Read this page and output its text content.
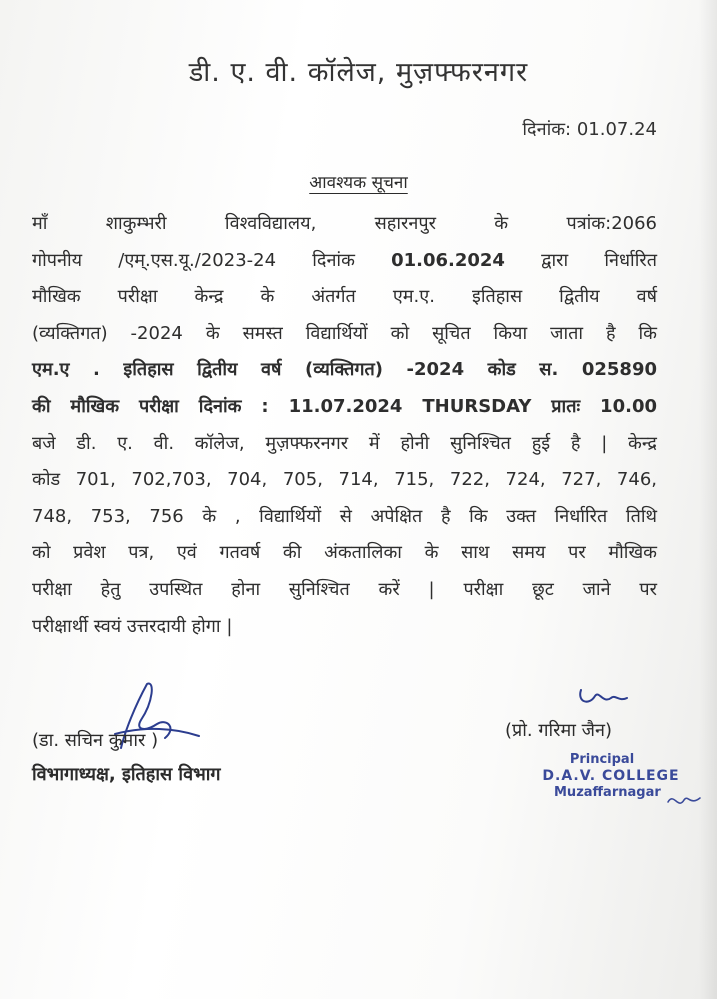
डी. ए. वी. कॉलेज, मुज़फ्फरनगर
दिनांक: 01.07.24
आवश्यक सूचना
माँ शाकुम्भरी विश्वविद्यालय, सहारनपुर के पत्रांक:2066
गोपनीय /एम्.एस.यू./2023-24 दिनांक 01.06.2024 द्वारा निर्धारित
मौखिक परीक्षा केन्द्र के अंतर्गत एम.ए. इतिहास द्वितीय वर्ष
(व्यक्तिगत) -2024 के समस्त विद्यार्थियों को सूचित किया जाता है कि
एम.ए . इतिहास द्वितीय वर्ष (व्यक्तिगत) -2024 कोड स. 025890
की मौखिक परीक्षा दिनांक : 11.07.2024 THURSDAY प्रातः 10.00
बजे डी. ए. वी. कॉलेज, मुज़फ्फरनगर में होनी सुनिश्चित हुई है | केन्द्र
कोड 701, 702,703, 704, 705, 714, 715, 722, 724, 727, 746,
748, 753, 756 के , विद्यार्थियों से अपेक्षित है कि उक्त निर्धारित तिथि
को प्रवेश पत्र, एवं गतवर्ष की अंकतालिका के साथ समय पर मौखिक
परीक्षा हेतु उपस्थित होना सुनिश्चित करें | परीक्षा छूट जाने पर
परीक्षार्थी स्वयं उत्तरदायी होगा |
(डा. सचिन कुमार )
विभागाध्यक्ष, इतिहास विभाग
(प्रो. गरिमा जैन)
Principal
D.A.V. COLLEGE
Muzaffarnagar
